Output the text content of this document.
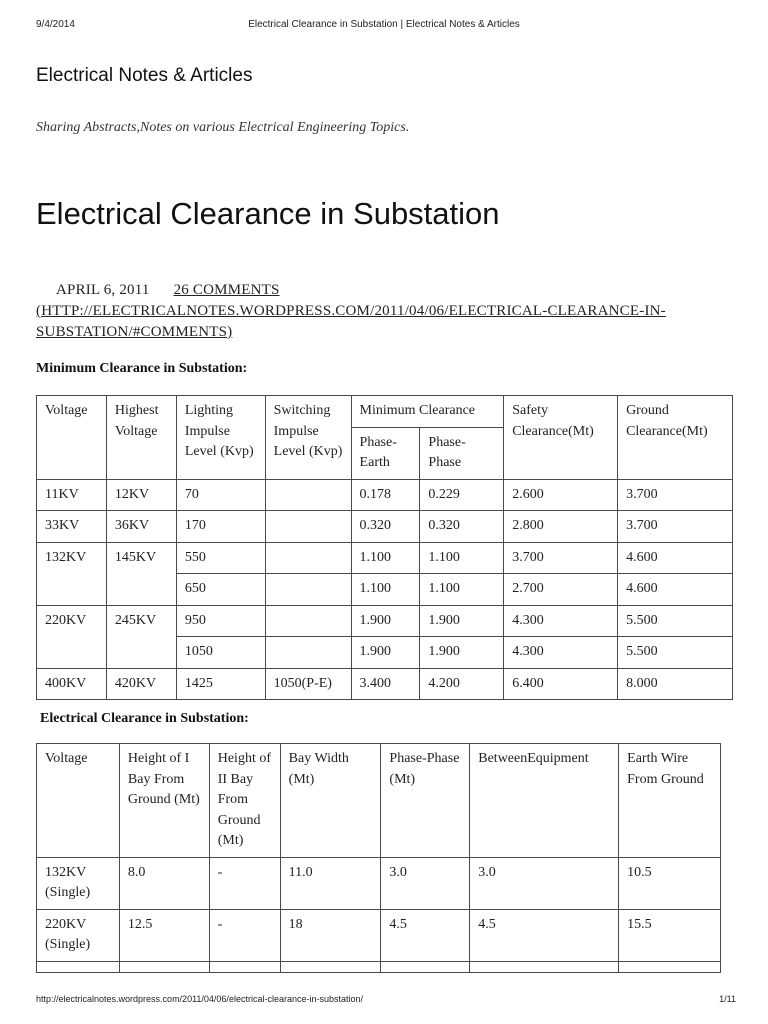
9/4/2014	Electrical Clearance in Substation | Electrical Notes & Articles
Electrical Notes & Articles
Sharing Abstracts,Notes on various Electrical Engineering Topics.
Electrical Clearance in Substation
APRIL 6, 2011 26 COMMENTS (HTTP://ELECTRICALNOTES.WORDPRESS.COM/2011/04/06/ELECTRICAL-CLEARANCE-IN-SUBSTATION/#COMMENTS)
Minimum Clearance in Substation:
Voltage	Highest Voltage	Lighting Impulse Level (Kvp)	Switching Impulse Level (Kvp)	Minimum Clearance		Safety Clearance(Mt)	Ground Clearance(Mt)
				Phase-Earth	Phase-Phase		
11KV	12KV	70		0.178	0.229	2.600	3.700
33KV	36KV	170		0.320	0.320	2.800	3.700
132KV	145KV	550		1.100	1.100	3.700	4.600
		650		1.100	1.100	2.700	4.600
220KV	245KV	950		1.900	1.900	4.300	5.500
		1050		1.900	1.900	4.300	5.500
400KV	420KV	1425	1050(P-E)	3.400	4.200	6.400	8.000
Electrical Clearance in Substation:
Voltage	Height of I Bay From Ground (Mt)	Height of II Bay From Ground (Mt)	Bay Width (Mt)	Phase-Phase (Mt)	BetweenEquipment	Earth Wire From Ground
132KV (Single)	8.0	-	11.0	3.0	3.0	10.5
220KV (Single)	12.5	-	18	4.5	4.5	15.5

http://electricalnotes.wordpress.com/2011/04/06/electrical-clearance-in-substation/	1/11
